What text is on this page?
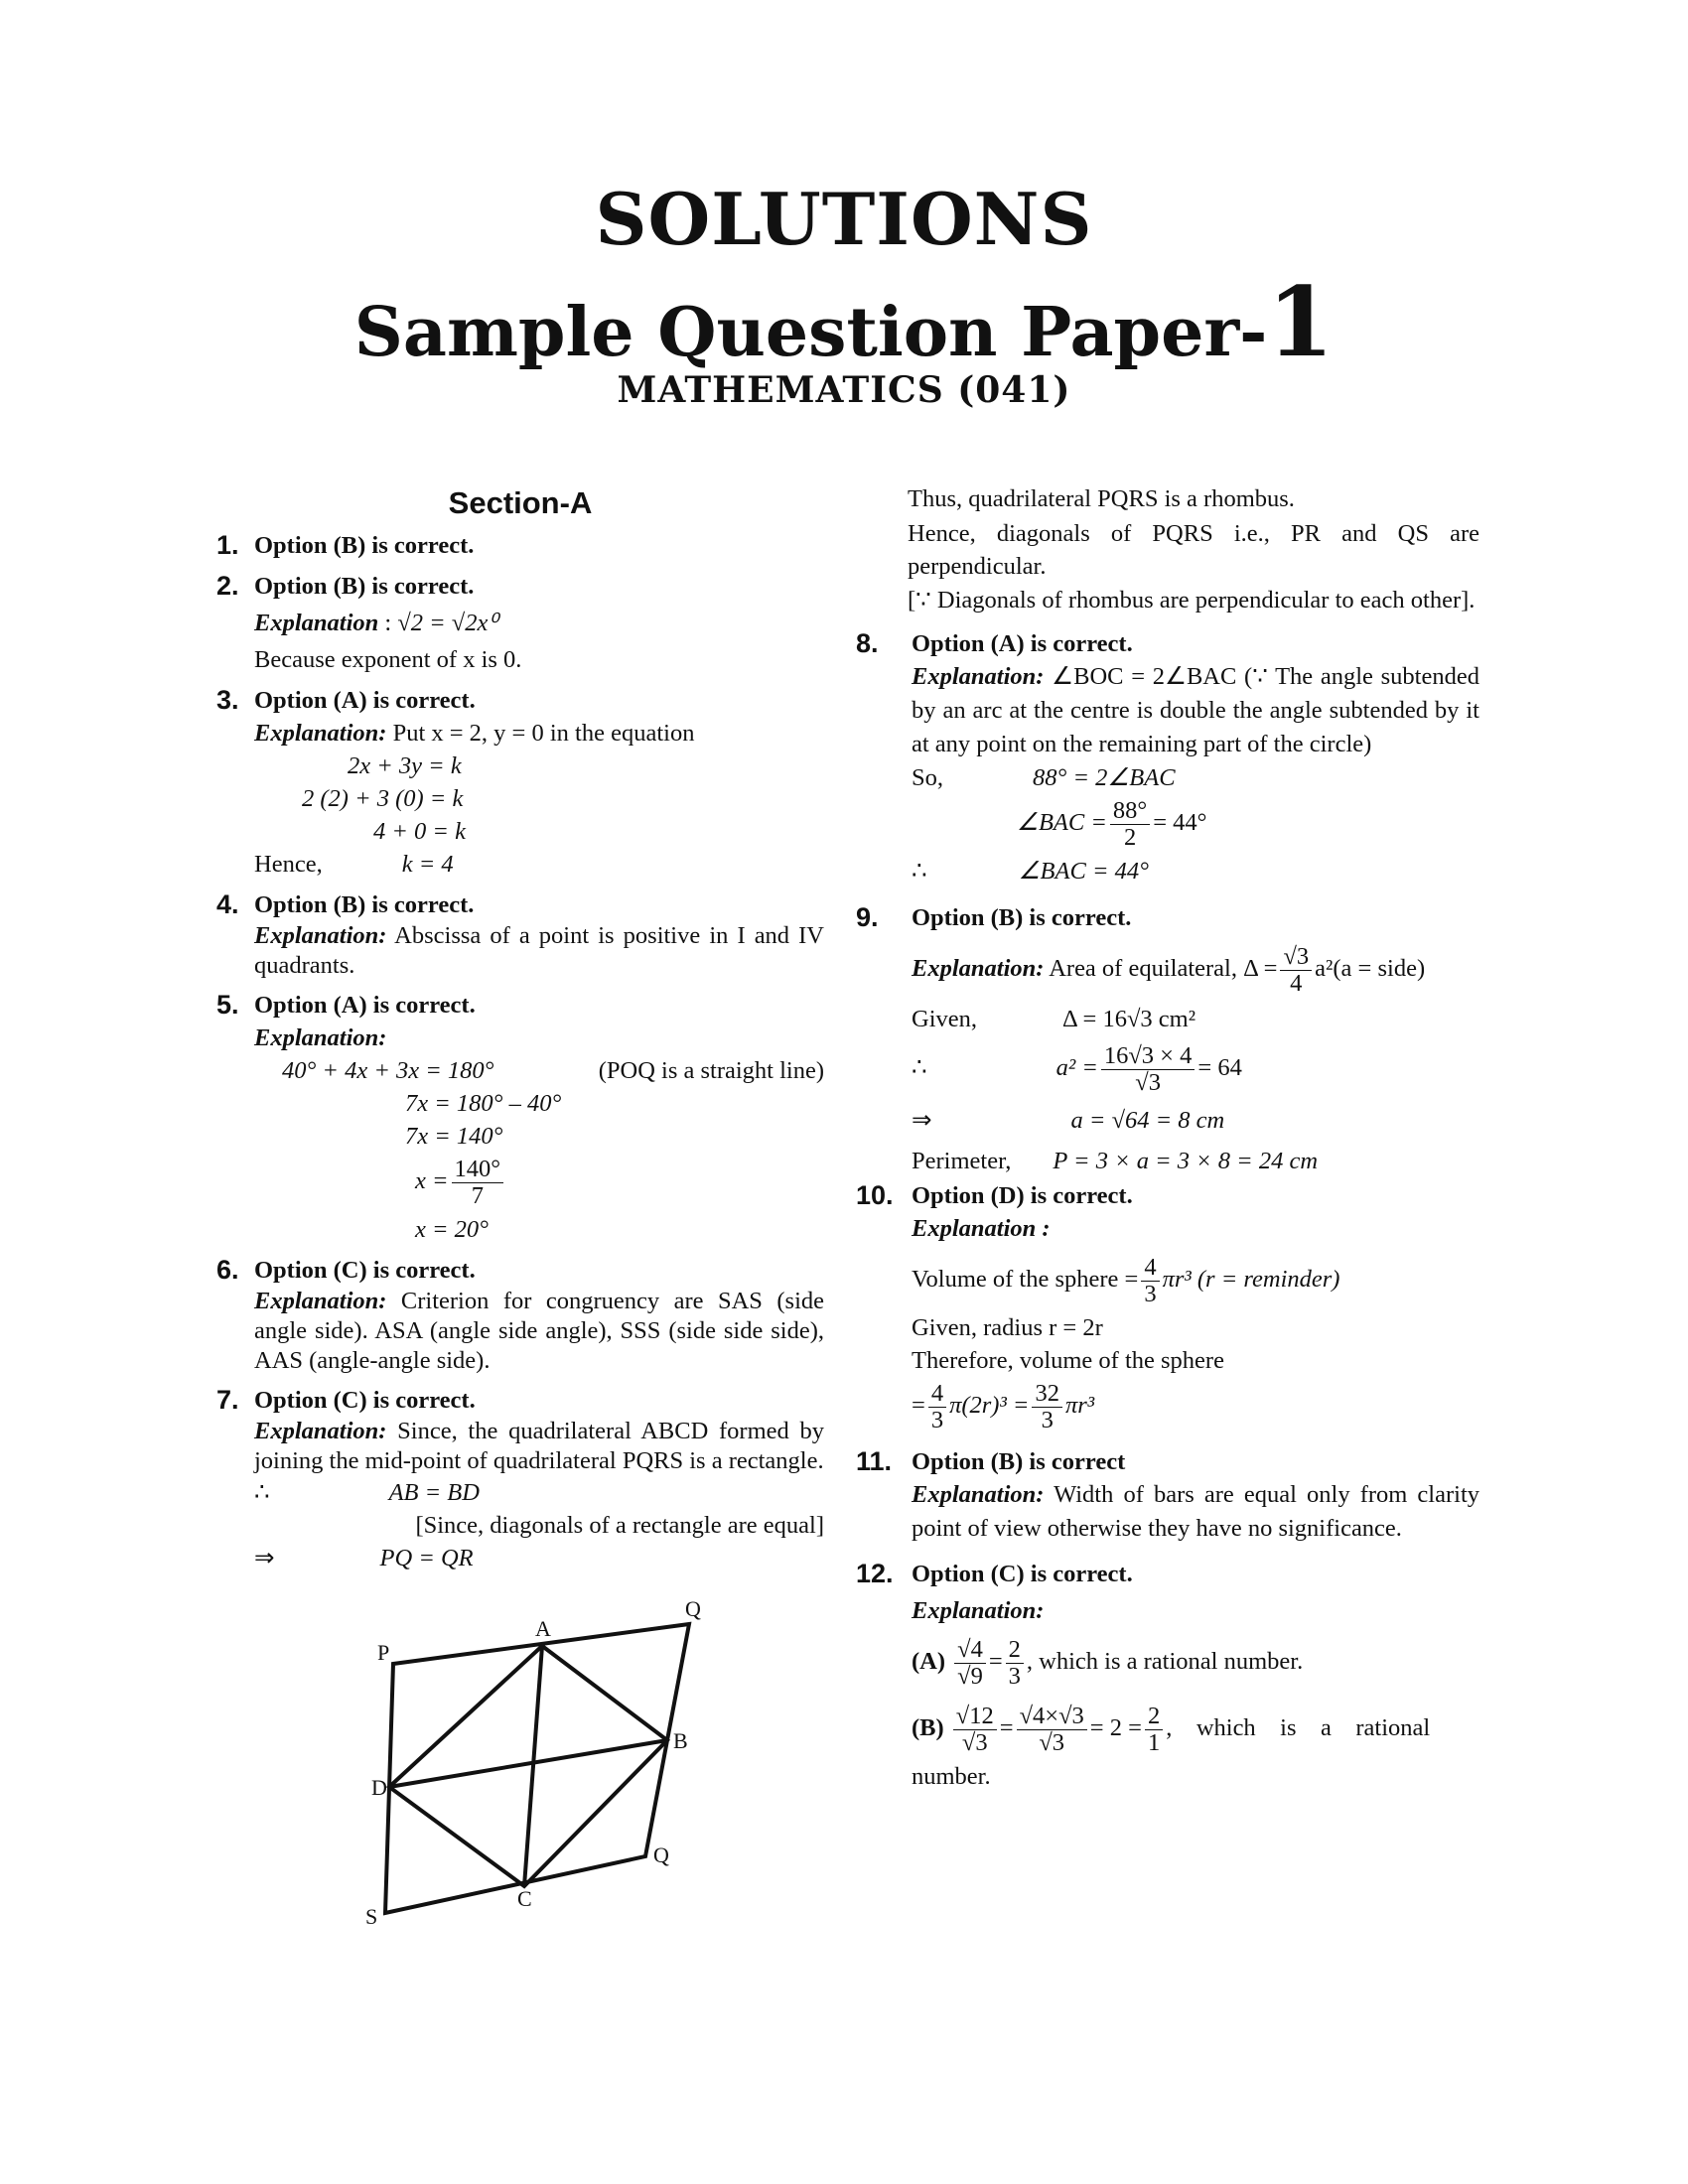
SOLUTIONS
Sample Question Paper-1
MATHEMATICS (041)
Section-A
1. Option (B) is correct.
2. Option (B) is correct.
Explanation : √2 = √2x⁰
Because exponent of x is 0.
3. Option (A) is correct.
Explanation: Put x = 2, y = 0 in the equation
2x + 3y = k
2 (2) + 3 (0) = k
4 + 0 = k
Hence,	k = 4
4. Option (B) is correct.
Explanation: Abscissa of a point is positive in I and IV quadrants.
5. Option (A) is correct.
Explanation:
40° + 4x + 3x = 180°	(POQ is a straight line)
7x = 180° – 40°
7x = 140°
$x = \frac{140^\circ}{7}$
x = 20°
6. Option (C) is correct.
Explanation: Criterion for congruency are SAS (side angle side). ASA (angle side angle), SSS (side side side), AAS (angle-angle side).
7. Option (C) is correct.
Explanation: Since, the quadrilateral ABCD formed by joining the mid-point of quadrilateral PQRS is a rectangle.
∴	AB = BD
[Since, diagonals of a rectangle are equal]
⇒	PQ = QR
A
B
C
D
P
Q
Q
S
Thus, quadrilateral PQRS is a rhombus.
Hence, diagonals of PQRS i.e., PR and QS are perpendicular.
[∵ Diagonals of rhombus are perpendicular to each other].
8. Option (A) is correct.
Explanation: ∠BOC = 2∠BAC (∵ The angle subtended by an arc at the centre is double the angle subtended by it at any point on the remaining part of the circle)
So,	88° = 2∠BAC
∠BAC = $\frac{88^\circ}{2} = 44^\circ$
∴	∠BAC = 44°
9. Option (B) is correct.
Explanation: Area of equilateral, $\Delta = \frac{√3}{4} a^2(a$ = side)
Given,	Δ = 16√3 cm²
∴	$a^2 = \frac{16√3 \times 4}{√3} = 64$
⇒	a = √64 = 8 cm
Perimeter, P = 3 × a = 3 × 8 = 24 cm
10. Option (D) is correct.
Explanation :
Volume of the sphere = $\frac{4}{3} \pi r^3$ (r = reminder)
Given, radius r = 2r
Therefore, volume of the sphere
= $\frac{4}{3} \pi(2r)^3 = \frac{32}{3} \pi r^3$
11. Option (B) is correct
Explanation: Width of bars are equal only from clarity point of view otherwise they have no significance.
12. Option (C) is correct.
Explanation:
$(A) \frac{√4}{√9} = \frac{2}{3}$ , which is a rational number.
$(B) \frac{√12}{√3} = \frac{√4\times√3}{√3} = 2 = \frac{2}{1}$ ,    which    is    a    rational
number.
